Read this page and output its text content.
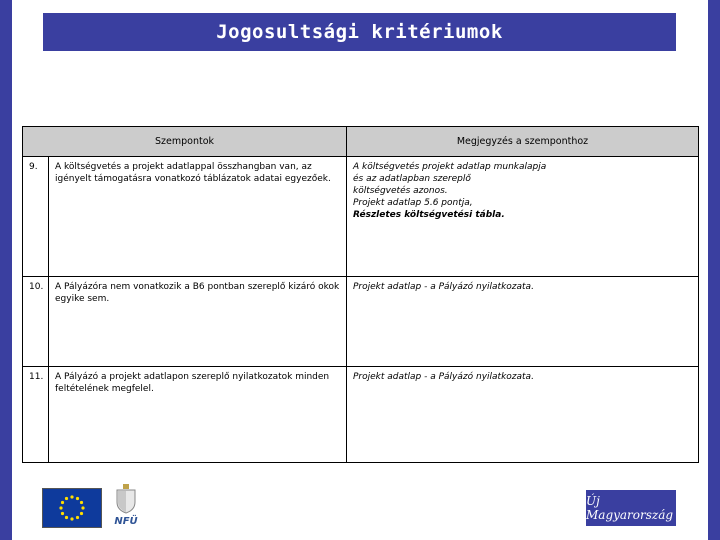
Jogosultsági kritériumok
Szempontok		Megjegyzés a szemponthoz
9.	A költségvetés a projekt adatlappal összhangban van, az igényelt támogatásra vonatkozó táblázatok adatai egyezőek.	A költségvetés projekt adatlap munkalapja
és az adatlapban szereplő
költségvetés azonos.
Projekt adatlap 5.6 pontja,
Részletes költségvetési tábla.

10.	A Pályázóra nem vonatkozik a B6 pontban szereplő kizáró okok egyike sem.	Projekt adatlap - a Pályázó nyilatkozata.
11.	A Pályázó a projekt adatlapon szereplő nyilatkozatok minden feltételének megfelel.	Projekt adatlap - a Pályázó nyilatkozata.
NFÜ
Új Magyarország
